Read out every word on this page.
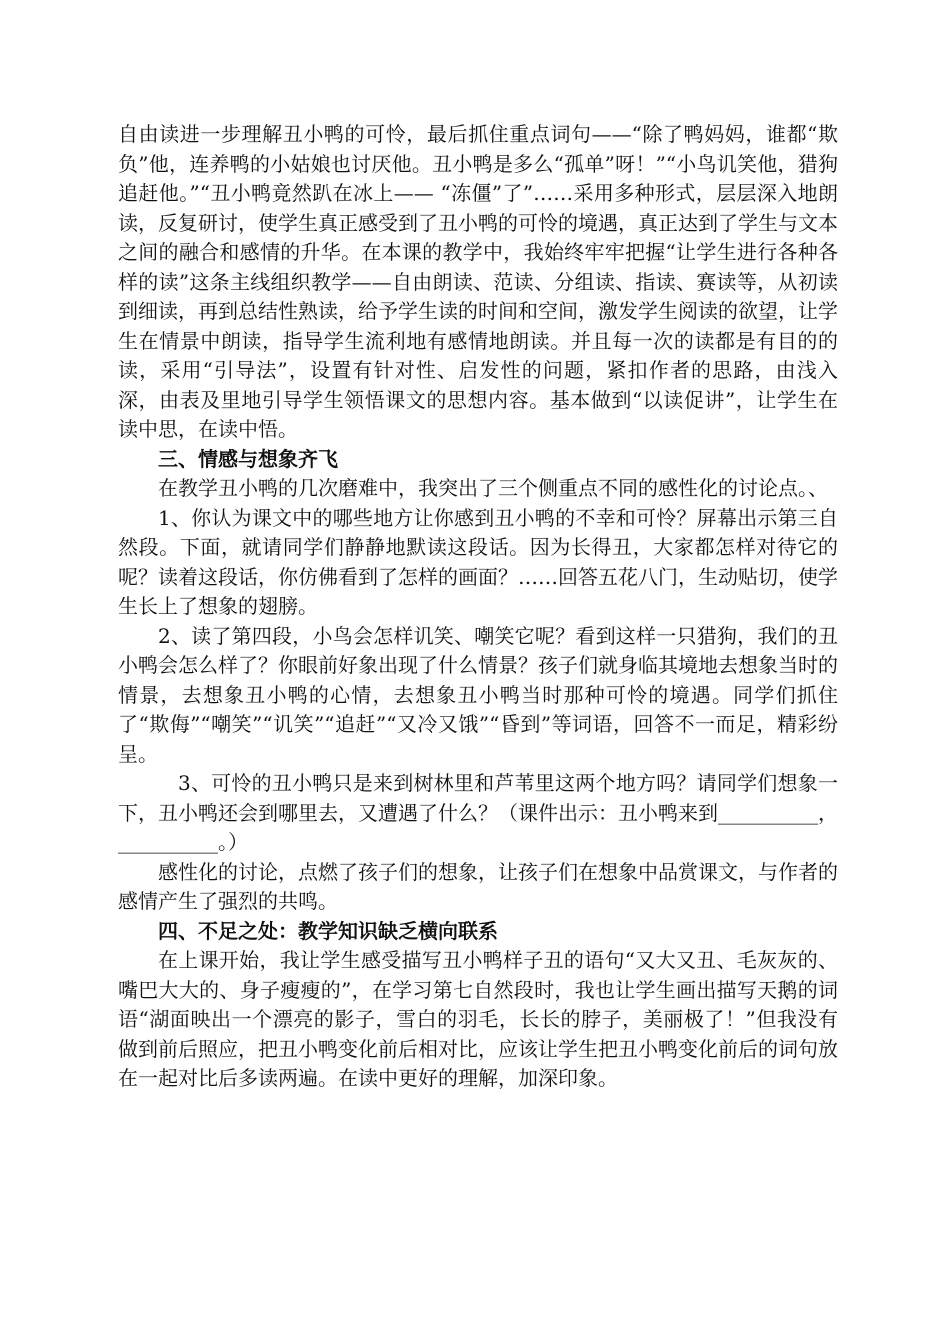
自由读进一步理解丑小鸭的可怜，最后抓住重点词句——“除了鸭妈妈，谁都“欺负”他，连养鸭的小姑娘也讨厌他。丑小鸭是多么“孤单”呀！”“小鸟讥笑他，猎狗追赶他。”“丑小鸭竟然趴在冰上—— “冻僵”了”……采用多种形式，层层深入地朗读，反复研讨，使学生真正感受到了丑小鸭的可怜的境遇，真正达到了学生与文本之间的融合和感情的升华。在本课的教学中，我始终牢牢把握“让学生进行各种各样的读”这条主线组织教学——自由朗读、范读、分组读、指读、赛读等，从初读到细读，再到总结性熟读，给予学生读的时间和空间，激发学生阅读的欲望，让学生在情景中朗读，指导学生流利地有感情地朗读。并且每一次的读都是有目的的读，采用“引导法”，设置有针对性、启发性的问题，紧扣作者的思路，由浅入深，由表及里地引导学生领悟课文的思想内容。基本做到“以读促讲”，让学生在读中思，在读中悟。

三、情感与想象齐飞

在教学丑小鸭的几次磨难中，我突出了三个侧重点不同的感性化的讨论点。、

1、你认为课文中的哪些地方让你感到丑小鸭的不幸和可怜？屏幕出示第三自然段。下面，就请同学们静静地默读这段话。因为长得丑，大家都怎样对待它的呢？读着这段话，你仿佛看到了怎样的画面？……回答五花八门，生动贴切，使学生长上了想象的翅膀。

2、读了第四段，小鸟会怎样讥笑、嘲笑它呢？看到这样一只猎狗，我们的丑小鸭会怎么样了？你眼前好象出现了什么情景？孩子们就身临其境地去想象当时的情景，去想象丑小鸭的心情，去想象丑小鸭当时那种可怜的境遇。同学们抓住了“欺侮”“嘲笑”“讥笑”“追赶”“又冷又饿”“昏到”等词语，回答不一而足，精彩纷呈。

3、可怜的丑小鸭只是来到树林里和芦苇里这两个地方吗？请同学们想象一下，丑小鸭还会到哪里去，又遭遇了什么？（课件出示：丑小鸭来到__________，__________。）

感性化的讨论，点燃了孩子们的想象，让孩子们在想象中品赏课文，与作者的感情产生了强烈的共鸣。

四、不足之处：教学知识缺乏横向联系

在上课开始，我让学生感受描写丑小鸭样子丑的语句“又大又丑、毛灰灰的、嘴巴大大的、身子瘦瘦的”，在学习第七自然段时，我也让学生画出描写天鹅的词语“湖面映出一个漂亮的影子，雪白的羽毛，长长的脖子，美丽极了！”但我没有做到前后照应，把丑小鸭变化前后相对比，应该让学生把丑小鸭变化前后的词句放在一起对比后多读两遍。在读中更好的理解，加深印象。
